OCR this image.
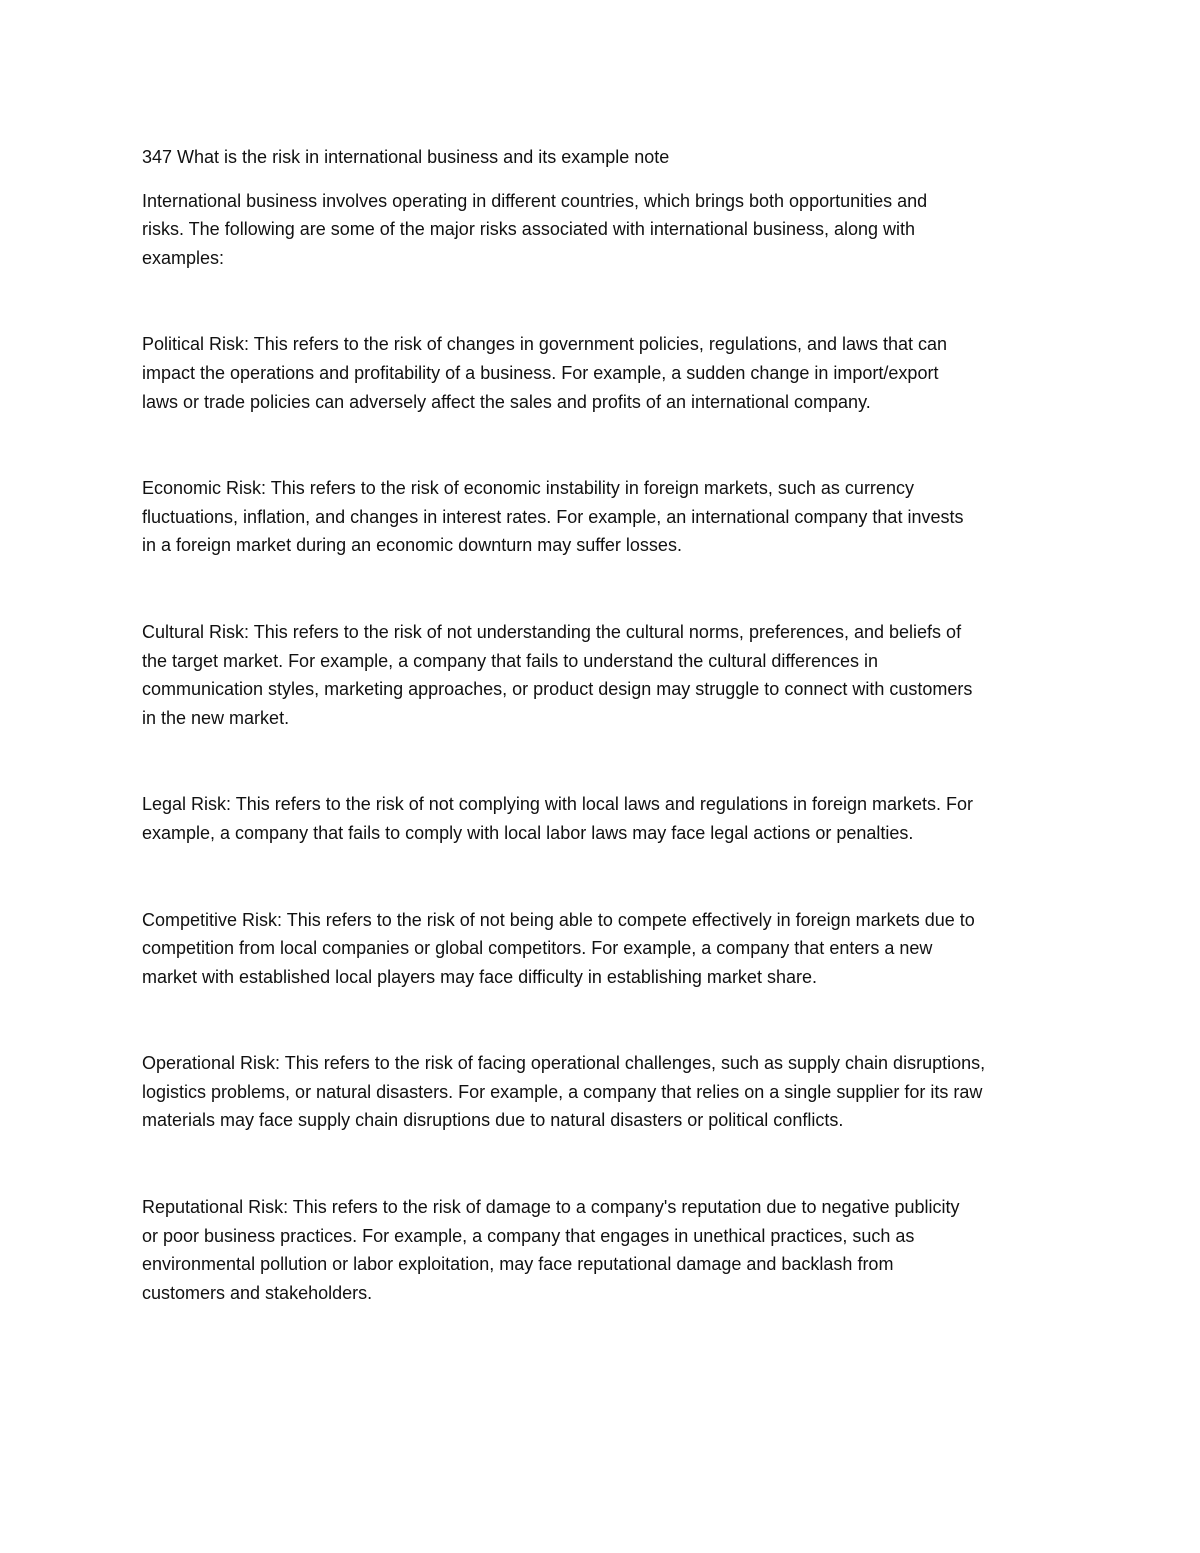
347 What is the risk in international business and its example note

International business involves operating in different countries, which brings both opportunities and

risks. The following are some of the major risks associated with international business, along with

examples:

Political Risk: This refers to the risk of changes in government policies, regulations, and laws that can

impact the operations and profitability of a business. For example, a sudden change in import/export

laws or trade policies can adversely affect the sales and profits of an international company.

Economic Risk: This refers to the risk of economic instability in foreign markets, such as currency

fluctuations, inflation, and changes in interest rates. For example, an international company that invests

in a foreign market during an economic downturn may suffer losses.

Cultural Risk: This refers to the risk of not understanding the cultural norms, preferences, and beliefs of

the target market. For example, a company that fails to understand the cultural differences in

communication styles, marketing approaches, or product design may struggle to connect with customers

in the new market.

Legal Risk: This refers to the risk of not complying with local laws and regulations in foreign markets. For

example, a company that fails to comply with local labor laws may face legal actions or penalties.

Competitive Risk: This refers to the risk of not being able to compete effectively in foreign markets due to

competition from local companies or global competitors. For example, a company that enters a new

market with established local players may face difficulty in establishing market share.

Operational Risk: This refers to the risk of facing operational challenges, such as supply chain disruptions,

logistics problems, or natural disasters. For example, a company that relies on a single supplier for its raw

materials may face supply chain disruptions due to natural disasters or political conflicts.

Reputational Risk: This refers to the risk of damage to a company's reputation due to negative publicity

or poor business practices. For example, a company that engages in unethical practices, such as

environmental pollution or labor exploitation, may face reputational damage and backlash from

customers and stakeholders.
